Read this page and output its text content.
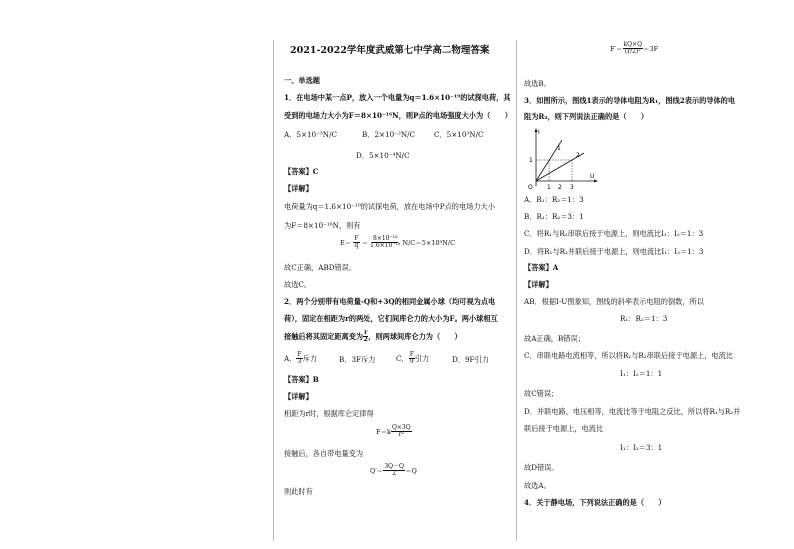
2021-2022学年度武威第七中学高二物理答案
一、单选题
1．在电场中某一点P，放入一个电量为q＝1.6×10⁻¹⁹的试探电荷，其
受到的电场力大小为F＝8×10⁻¹⁶N，则P点的电场强度大小为（　　）
A．5×10⁻³N/C	B．2×10⁻²N/C	C．5×10³N/C
D．5×10⁻⁴N/C
【答案】C
【详解】
电荷量为q＝1.6×10⁻¹⁹的试探电荷，放在电场中P点的电场力大小
为F＝8×10⁻¹⁶N，则有
$E= \frac{F}{q} = \frac{\text{8×10⁻¹⁶}}{\text{1.6×10⁻¹⁹}} N/C=5\times 10^3N/C$
故C正确，ABD错误。
故选C。
2．两个分别带有电荷量-Q和+3Q的相同金属小球（均可视为点电
荷），固定在相距为r的两处，它们间库仑力的大小为F。两小球相互
接触后将其固定距离变为 $\frac{r}{2}$ ，则两球间库仑力为（　　）
A． $\frac{F}{3}$ 斥力	B．3F斥力	C． $\frac{F}{9}$ 引力	D．9F引力
【答案】B
【详解】
相距为r时，根据库仑定律得
$F=k \frac{Q\times 3Q}{\text{r²}}$
接触后，各自带电量变为
$Q'= \frac{3Q-Q}{2} =Q$
则此时有
$F'= \frac{kQ\times Q}{\text{(r/2)²}} =3F$
故选B。
3．如图所示，图线1表示的导体电阻为R₁，图线2表示的导体的电
阻为R₂，则下列说法正确的是（　　）
I
U
O 1 2 3
1
1
2
A．R₁：R₂＝1：3
B．R₁：R₂＝3：1
C．将R₁与R₂串联后接于电源上，则电流比I₁：I₂＝1：3
D．将R₁与R₂并联后接于电源上，则电流比I₁：I₂＝1：3
【答案】A
【详解】
AB．根据I-U图象知，图线的斜率表示电阻的倒数，所以
R₁：R₂＝1：3
故A正确，B错误；
C．串联电路电流相等，所以将R₁与R₂串联后接于电源上，电流比
I₁：I₂＝1：1
故C错误；
D．并联电路，电压相等，电流比等于电阻之反比，所以将R₁与R₂并
联后接于电源上，电流比
I₁：I₂＝3：1
故D错误。
故选A。
4．关于静电场，下列说法正确的是（　　）
